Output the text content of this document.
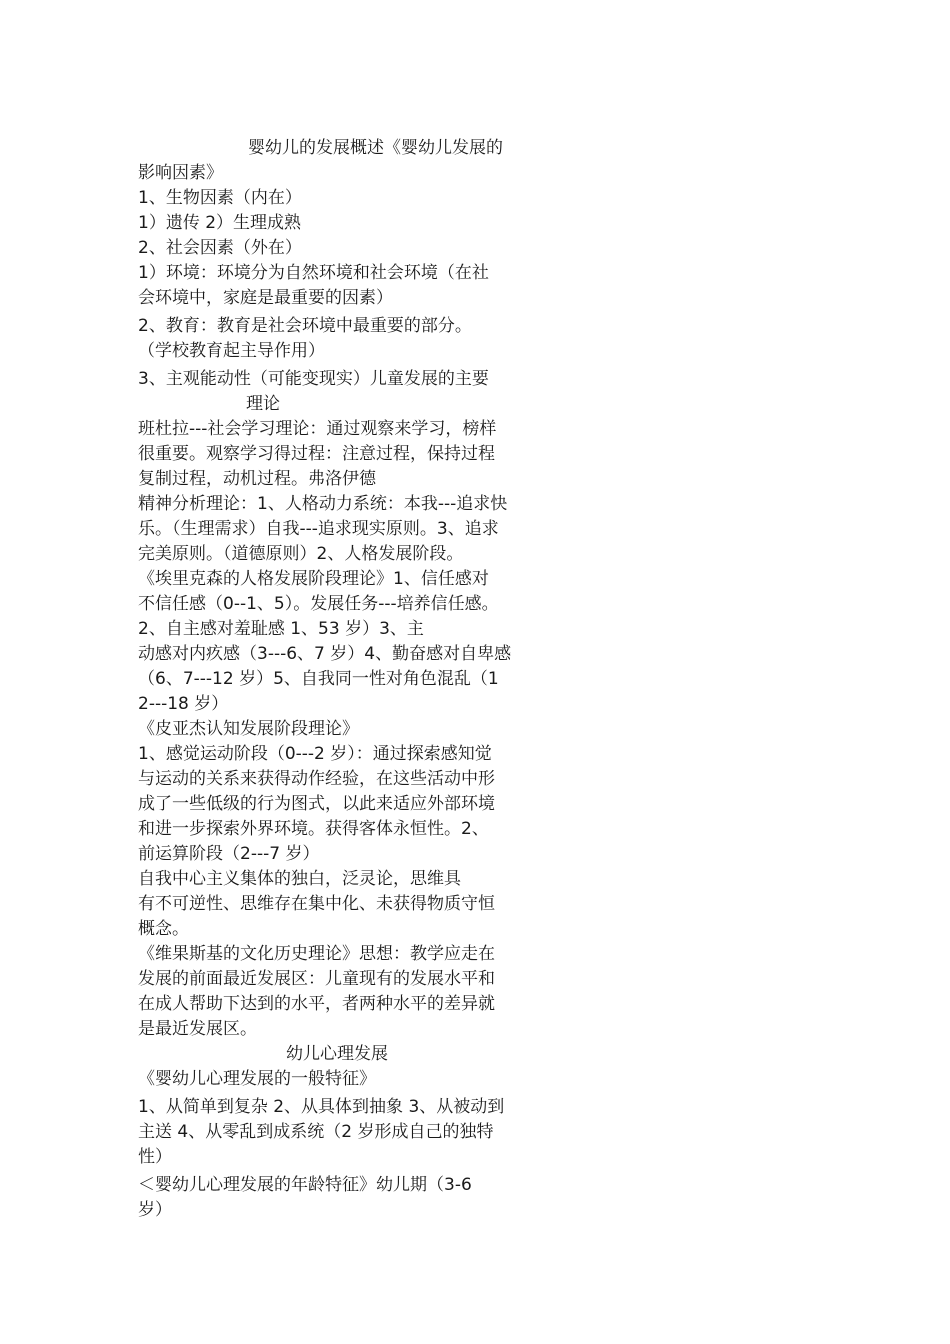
婴幼儿的发展概述《婴幼儿发展的
影响因素》
1、生物因素（内在）
1）遗传 2）生理成熟
2、社会因素（外在）
1）环境：环境分为自然环境和社会环境（在社
会环境中，家庭是最重要的因素）
2、教育：教育是社会环境中最重要的部分。
（学校教育起主导作用）
3、主观能动性（可能变现实）儿童发展的主要
理论
班杜拉---社会学习理论：通过观察来学习，榜样
很重要。观察学习得过程：注意过程，保持过程
复制过程，动机过程。弗洛伊德
精神分析理论：1、人格动力系统：本我---追求快
乐。（生理需求）自我---追求现实原则。3、追求
完美原则。（道德原则）2、人格发展阶段。
《埃里克森的人格发展阶段理论》1、信任感对
不信任感（0--1、5）。发展任务---培养信任感。
2、自主感对羞耻感 1、53 岁）3、主
动感对内疚感（3---6、7 岁）4、勤奋感对自卑感
（6、7---12 岁）5、自我同一性对角色混乱（1
2---18 岁）
《皮亚杰认知发展阶段理论》
1、感觉运动阶段（0---2 岁）：通过探索感知觉
与运动的关系来获得动作经验，在这些活动中形
成了一些低级的行为图式，以此来适应外部环境
和进一步探索外界环境。获得客体永恒性。2、
前运算阶段（2---7 岁）
自我中心主义集体的独白，泛灵论，思维具
有不可逆性、思维存在集中化、未获得物质守恒
概念。
《维果斯基的文化历史理论》思想：教学应走在
发展的前面最近发展区：儿童现有的发展水平和
在成人帮助下达到的水平，者两种水平的差异就
是最近发展区。
幼儿心理发展
《婴幼儿心理发展的一般特征》
1、从简单到复杂 2、从具体到抽象 3、从被动到
主送 4、从零乱到成系统（2 岁形成自己的独特
性）
＜婴幼儿心理发展的年龄特征》幼儿期（3-6
岁）
